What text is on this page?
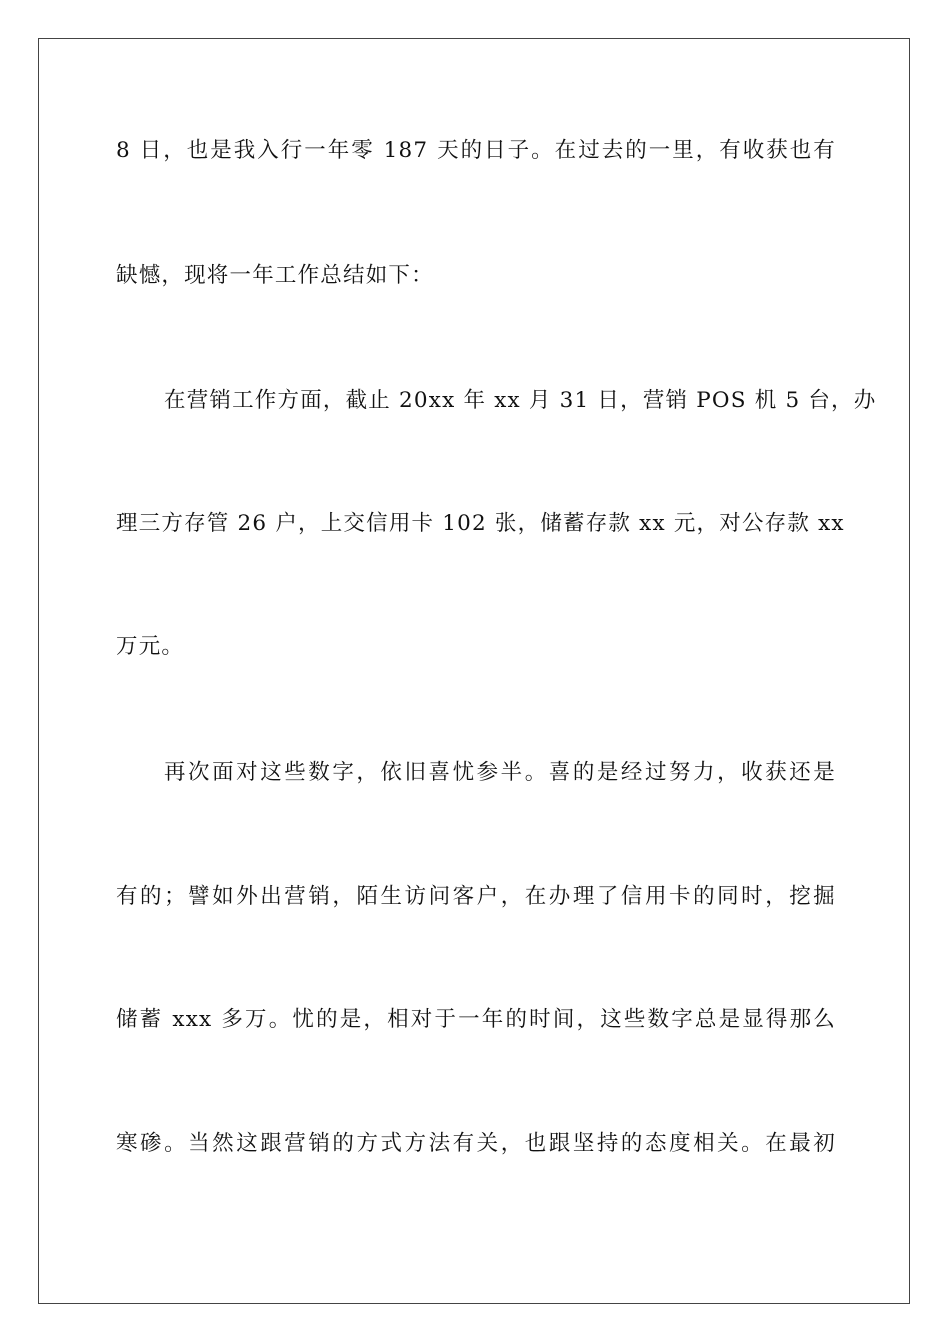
8 日，也是我入行一年零 187 天的日子。在过去的一里，有收获也有
缺憾，现将一年工作总结如下：
在营销工作方面，截止 20xx 年 xx 月 31 日，营销 POS 机 5 台，办
理三方存管 26 户，上交信用卡 102 张，储蓄存款 xx 元，对公存款 xx
万元。
再次面对这些数字，依旧喜忧参半。喜的是经过努力，收获还是
有的；譬如外出营销，陌生访问客户，在办理了信用卡的同时，挖掘
储蓄 xxx 多万。忧的是，相对于一年的时间，这些数字总是显得那么
寒碜。当然这跟营销的方式方法有关，也跟坚持的态度相关。在最初
